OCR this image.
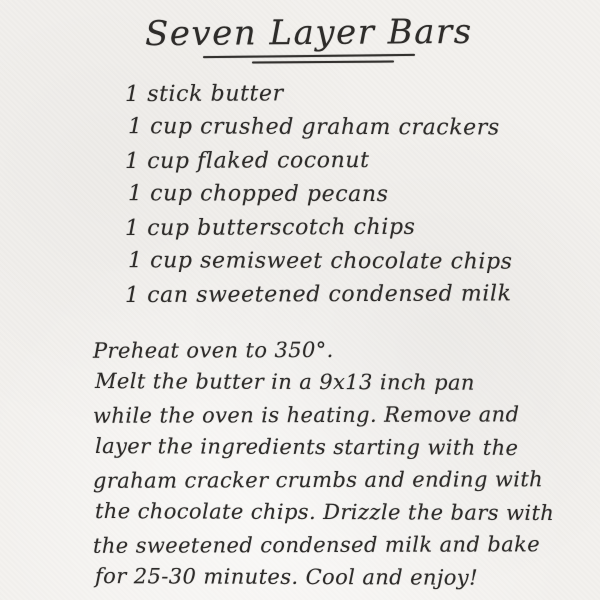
Seven Layer Bars
1 stick butter
1 cup crushed graham crackers
1 cup flaked coconut
1 cup chopped pecans
1 cup butterscotch chips
1 cup semisweet chocolate chips
1 can sweetened condensed milk
Preheat oven to 350°.
Melt the butter in a 9x13 inch pan
while the oven is heating. Remove and
layer the ingredients starting with the
graham cracker crumbs and ending with
the chocolate chips. Drizzle the bars with
the sweetened condensed milk and bake
for 25-30 minutes. Cool and enjoy!
